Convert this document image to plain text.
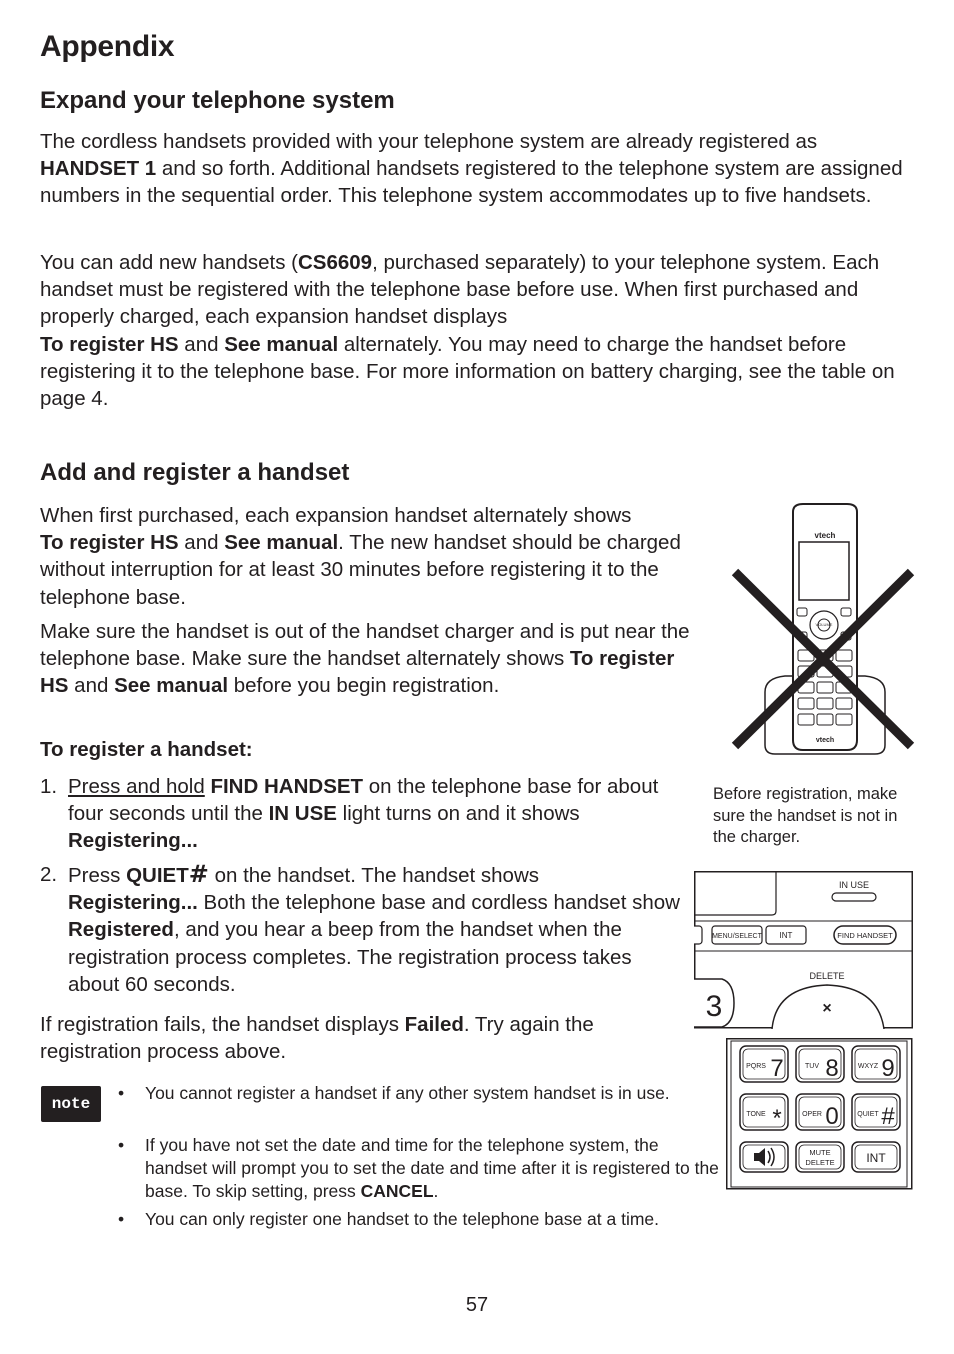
Appendix
Expand your telephone system

The cordless handsets provided with your telephone system are already registered as
HANDSET 1 and so forth. Additional handsets registered to the telephone system are assigned numbers in the sequential order. This telephone system accommodates up to five handsets.

You can add new handsets (CS6609, purchased separately) to your telephone system. Each handset must be registered with the telephone base before use. When first purchased and properly charged, each expansion handset displays
To register HS and See manual alternately. You may need to charge the handset before registering it to the telephone base. For more information on battery charging, see the table on page 4.

Add and register a handset

When first purchased, each expansion handset alternately shows
To register HS and See manual. The new handset should be charged without interruption for at least 30 minutes before registering it to the telephone base.

Make sure the handset is out of the handset charger and is put near the telephone base. Make sure the handset alternately shows To register HS and See manual before you begin registration.

To register a handset:
1. Press and hold FIND HANDSET on the telephone base for about four seconds until the IN USE light turns on and it shows Registering...
2. Press QUIET# on the handset. The handset shows
Registering... Both the telephone base and cordless handset show Registered, and you hear a beep from the handset when the registration process completes. The registration process takes about 60 seconds.

If registration fails, the handset displays Failed. Try again the registration process above.

note
• You cannot register a handset if any other system handset is in use.
• If you have not set the date and time for the telephone system, the handset will prompt you to set the date and time after it is registered to the base. To skip setting, press CANCEL.
• You can only register one handset to the telephone base at a time.
vtech
VOLUME
vtech
Before registration, make sure the handset is not in the charger.
IN USE
MENU/SELECT INT	FIND HANDSET
DELETE
×
3
PQRS 7	TUV 8	WXYZ 9
TONE *	OPER 0	QUIET #
MUTE
DELETE	INT
57
